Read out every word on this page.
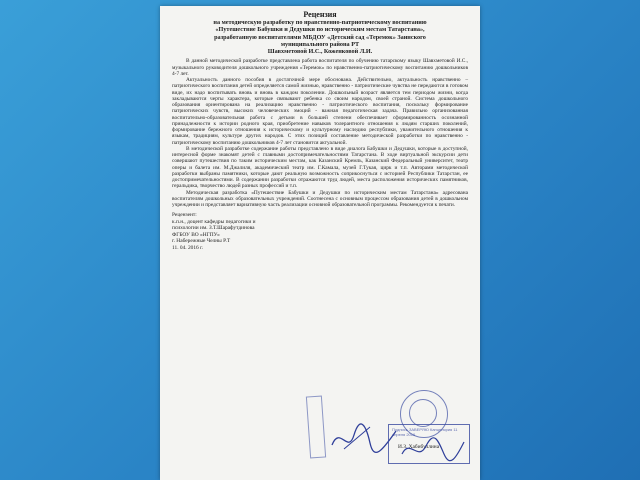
Рецензия
на методическую разработку по нравственно-патриотическому воспитанию
«Путешествие Бабушки и Дедушки по историческим местам Татарстана»,
разработанную воспитателями МБДОУ «Детский сад «Теремок» Заинского
муниципального района РТ
Шавхметовой И.С., Коженковой Л.И.

В данной методической разработке представлена работа воспитателя по обучению татарскому языку Шавхметовой И.С., музыкального руководителя дошкольного учреждения «Теремок» по нравственно-патриотическому воспитанию дошкольников 4-7 лет.

Актуальность данного пособия в достаточной мере обоснована. Действительно, актуальность нравственно – патриотического воспитания детей определяется самой жизнью, нравственно - патриотические чувства не передаются в готовом виде, их надо воспитывать вновь и вновь в каждом поколении. Дошкольный возраст является тем периодом жизни, когда закладываются черты характера, которые связывают ребенка со своим народом, своей страной. Система дошкольного образования ориентирована на реализацию нравственно - патриотического воспитания, поскольку формирование патриотических чувств, высоких человеческих эмоций - важная педагогическая задача. Правильно организованная воспитательно-образовательная работа с детьми в большей степени обеспечивает сформированность осознанной принадлежности к истории родного края, приобретение навыков толерантного отношения к людям старших поколений, формирование бережного отношения к историческому и культурному наследию республики, уважительного отношения к языкам, традициям, культуре других народов. С этих позиций составление методической разработки по нравственно - патриотическому воспитанию дошкольников 4-7 лет становится актуальной.

В методической разработке содержание работы представлено в виде диалога Бабушки и Дедушки, которые в доступной, интересной форме знакомят детей с главными достопримечательностями Татарстана. В ходе виртуальной экскурсии дети совершают путешествия по таким историческим местам, как Казанский Кремль, Казанский Федеральный университет, театр оперы и балета им. М.Джалиля, академический театр им. Г.Камала, музей Г.Тукая, цирк и т.п. Авторами методической разработки выбраны памятники, которые дают реальную возможность соприкоснуться с историей Республики Татарстан, ее достопримечательностями. В содержании разработки отражаются труд людей, места расположения исторических памятников, геральдика, творчество людей разных профессий и т.п.

Методическая разработка «Путешествие Бабушки и Дедушки по историческим местам Татарстана» адресована воспитателям дошкольных образовательных учреждений. Соотнесена с основным процессом образования детей в дошкольном учреждении и представляет вариативную часть реализации основной образовательной программы. Рекомендуется к печати.

Рецензент:
к.п.н., доцент кафедры педагогики и
психологии им. З.Т.Шарафутдинова
ФГБОУ ВО «НГПУ»
г. Набережные Челны Р.Т
11. 04. 2016 г.
И.З. Хабибуллина
Подпись ЗАВЕРЯЮ Канцелярия 11 апреля 2016
